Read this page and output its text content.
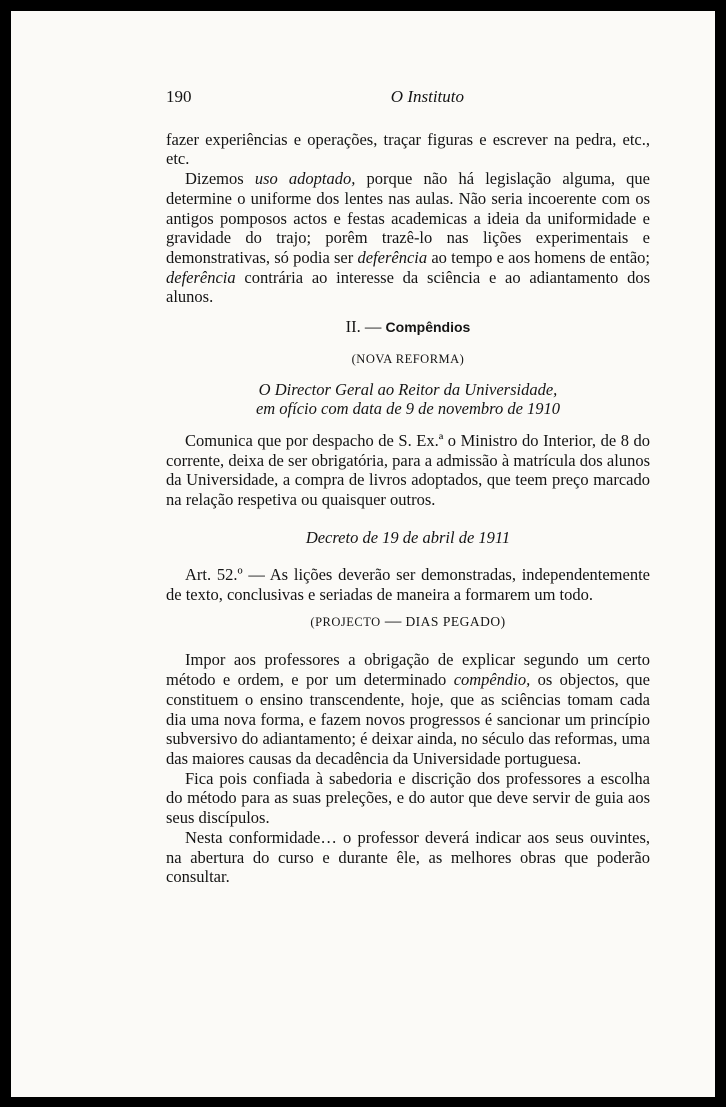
190	O Instituto

fazer experiências e operações, traçar figuras e escrever na pedra, etc., etc.

Dizemos uso adoptado, porque não há legislação alguma, que determine o uniforme dos lentes nas aulas. Não seria incoerente com os antigos pomposos actos e festas academicas a ideia da uniformidade e gravidade do trajo; porêm trazê-lo nas lições experimentais e demonstrativas, só podia ser deferência ao tempo e aos homens de então; deferência contrária ao interesse da sciência e ao adiantamento dos alunos.

II. — Compêndios

(NOVA REFORMA)

O Director Geral ao Reitor da Universidade,
em ofício com data de 9 de novembro de 1910

Comunica que por despacho de S. Ex.ª o Ministro do Interior, de 8 do corrente, deixa de ser obrigatória, para a admissão à matrícula dos alunos da Universidade, a compra de livros adoptados, que teem preço marcado na relação respetiva ou quaisquer outros.

Decreto de 19 de abril de 1911

Art. 52.º — As lições deverão ser demonstradas, independentemente de texto, conclusivas e seriadas de maneira a formarem um todo.

(PROJECTO — DIAS PEGADO)

Impor aos professores a obrigação de explicar segundo um certo método e ordem, e por um determinado compêndio, os objectos, que constituem o ensino transcendente, hoje, que as sciências tomam cada dia uma nova forma, e fazem novos progressos é sancionar um princípio subversivo do adiantamento; é deixar ainda, no século das reformas, uma das maiores causas da decadência da Universidade portuguesa.

Fica pois confiada à sabedoria e discrição dos professores a escolha do método para as suas preleções, e do autor que deve servir de guia aos seus discípulos.

Nesta conformidade… o professor deverá indicar aos seus ouvintes, na abertura do curso e durante êle, as melhores obras que poderão consultar.
